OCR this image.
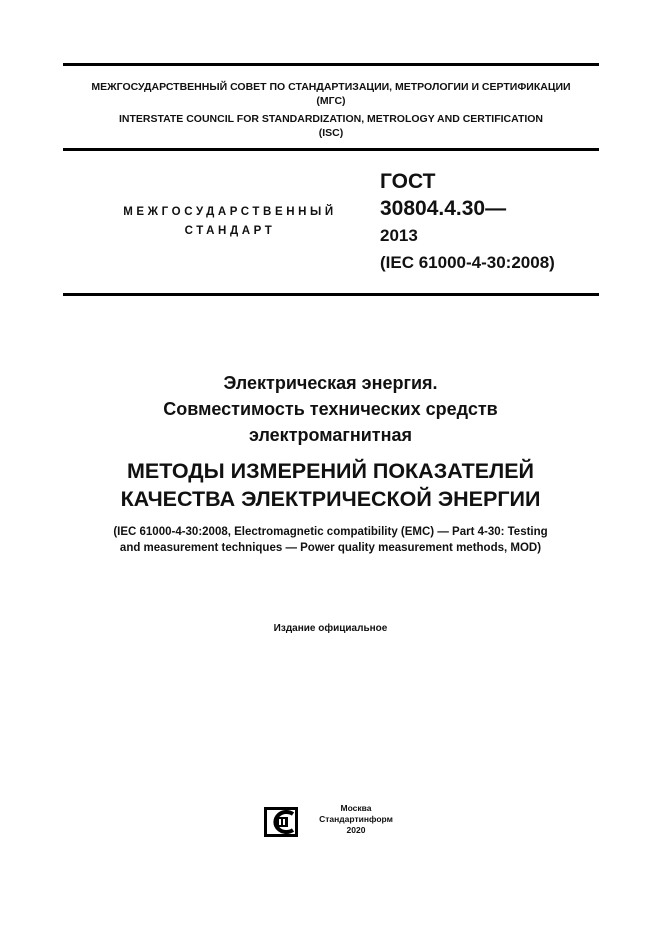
МЕЖГОСУДАРСТВЕННЫЙ СОВЕТ ПО СТАНДАРТИЗАЦИИ, МЕТРОЛОГИИ И СЕРТИФИКАЦИИ
(МГС)
INTERSTATE COUNCIL FOR STANDARDIZATION, METROLOGY AND CERTIFICATION
(ISC)
МЕЖГОСУДАРСТВЕННЫЙ
СТАНДАРТ
ГОСТ
30804.4.30—
2013
(IEC 61000-4-30:2008)
Электрическая энергия.
Совместимость технических средств
электромагнитная
МЕТОДЫ ИЗМЕРЕНИЙ ПОКАЗАТЕЛЕЙ
КАЧЕСТВА ЭЛЕКТРИЧЕСКОЙ ЭНЕРГИИ
(IEC 61000-4-30:2008, Electromagnetic compatibility (EMC) — Part 4-30: Testing
and measurement techniques — Power quality measurement methods, MOD)
Издание официальное
Москва
Стандартинформ
2020
